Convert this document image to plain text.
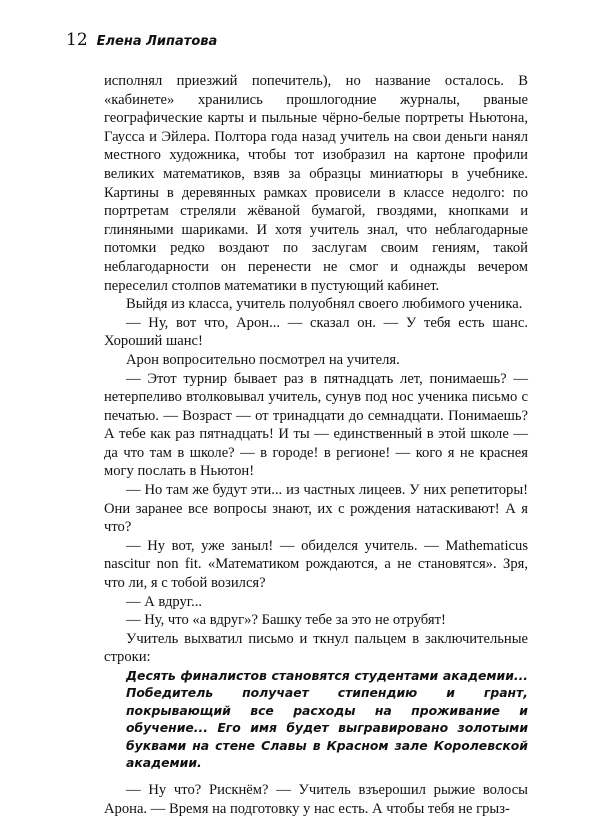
12 Елена Липатова

исполнял приезжий попечитель), но название осталось. В «кабинете» хранились прошлогодние журналы, рваные географические карты и пыльные чёрно-белые портреты Ньютона, Гаусса и Эйлера. Полтора года назад учитель на свои деньги нанял местного художника, чтобы тот изобразил на картоне профили великих математиков, взяв за образцы миниатюры в учебнике. Картины в деревянных рамках провисели в классе недолго: по портретам стреляли жёваной бумагой, гвоздями, кнопками и глиняными шариками. И хотя учитель знал, что неблагодарные потомки редко воздают по заслугам своим гениям, такой неблагодарности он перенести не смог и однажды вечером переселил столпов математики в пустующий кабинет.

Выйдя из класса, учитель полуобнял своего любимого ученика.

— Ну, вот что, Арон... — сказал он. — У тебя есть шанс. Хороший шанс!

Арон вопросительно посмотрел на учителя.

— Этот турнир бывает раз в пятнадцать лет, понимаешь? — нетерпеливо втолковывал учитель, сунув под нос ученика письмо с печатью. — Возраст — от тринадцати до семнадцати. Понимаешь? А тебе как раз пятнадцать! И ты — единственный в этой школе — да что там в школе? — в городе! в регионе! — кого я не краснея могу послать в Ньютон!

— Но там же будут эти... из частных лицеев. У них репетиторы! Они заранее все вопросы знают, их с рождения натаскивают! А я что?

— Ну вот, уже заныл! — обиделся учитель. — Mathematicus nascitur non fit. «Математиком рождаются, а не становятся». Зря, что ли, я с тобой возился?

— А вдруг...

— Ну, что «а вдруг»? Башку тебе за это не отрубят!

Учитель выхватил письмо и ткнул пальцем в заключительные строки:

Десять финалистов становятся студентами академии... Победитель получает стипендию и грант, покрывающий все расходы на проживание и обучение... Его имя будет выгравировано золотыми буквами на стене Славы в Красном зале Королевской академии.

— Ну что? Рискнём? — Учитель взъерошил рыжие волосы Арона. — Время на подготовку у нас есть. А чтобы тебя не грыз-
